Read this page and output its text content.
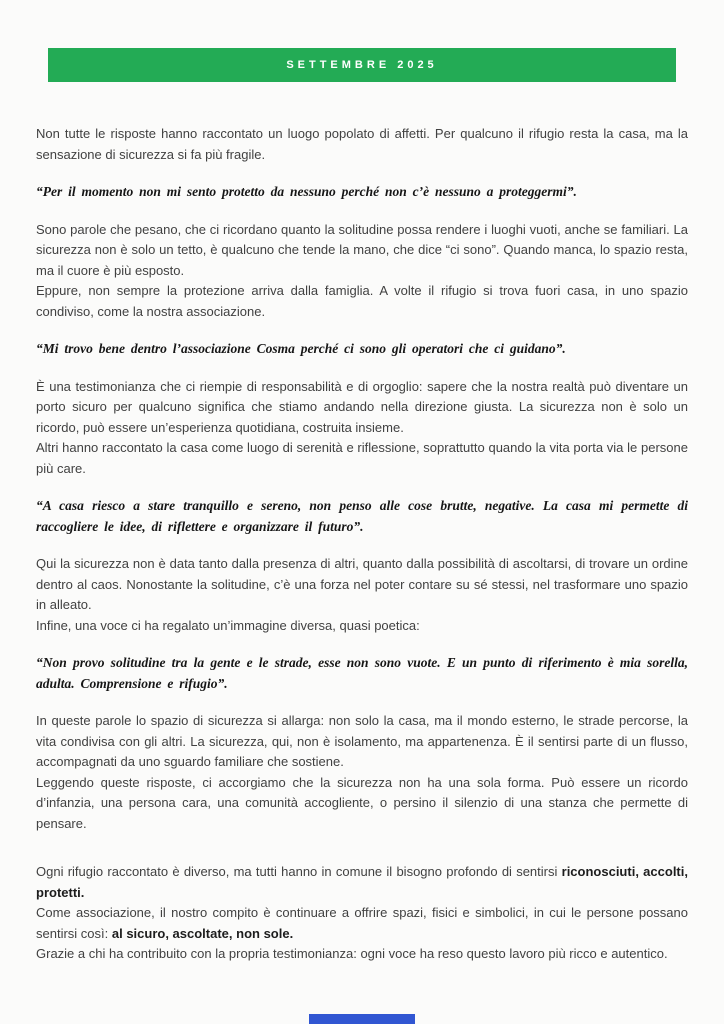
SETTEMBRE 2025

Non tutte le risposte hanno raccontato un luogo popolato di affetti. Per qualcuno il rifugio resta la casa, ma la sensazione di sicurezza si fa più fragile.

“Per il momento non mi sento protetto da nessuno perché non c’è nessuno a proteggermi”.

Sono parole che pesano, che ci ricordano quanto la solitudine possa rendere i luoghi vuoti, anche se familiari. La sicurezza non è solo un tetto, è qualcuno che tende la mano, che dice “ci sono”. Quando manca, lo spazio resta, ma il cuore è più esposto.

Eppure, non sempre la protezione arriva dalla famiglia. A volte il rifugio si trova fuori casa, in uno spazio condiviso, come la nostra associazione.

“Mi trovo bene dentro l’associazione Cosma perché ci sono gli operatori che ci guidano”.

È una testimonianza che ci riempie di responsabilità e di orgoglio: sapere che la nostra realtà può diventare un porto sicuro per qualcuno significa che stiamo andando nella direzione giusta. La sicurezza non è solo un ricordo, può essere un’esperienza quotidiana, costruita insieme.

Altri hanno raccontato la casa come luogo di serenità e riflessione, soprattutto quando la vita porta via le persone più care.

“A casa riesco a stare tranquillo e sereno, non penso alle cose brutte, negative. La casa mi permette di raccogliere le idee, di riflettere e organizzare il futuro”.

Qui la sicurezza non è data tanto dalla presenza di altri, quanto dalla possibilità di ascoltarsi, di trovare un ordine dentro al caos. Nonostante la solitudine, c’è una forza nel poter contare su sé stessi, nel trasformare uno spazio in alleato.

Infine, una voce ci ha regalato un’immagine diversa, quasi poetica:

“Non provo solitudine tra la gente e le strade, esse non sono vuote. E un punto di riferimento è mia sorella, adulta. Comprensione e rifugio”.

In queste parole lo spazio di sicurezza si allarga: non solo la casa, ma il mondo esterno, le strade percorse, la vita condivisa con gli altri. La sicurezza, qui, non è isolamento, ma appartenenza. È il sentirsi parte di un flusso, accompagnati da uno sguardo familiare che sostiene.

Leggendo queste risposte, ci accorgiamo che la sicurezza non ha una sola forma. Può essere un ricordo d’infanzia, una persona cara, una comunità accogliente, o persino il silenzio di una stanza che permette di pensare.

Ogni rifugio raccontato è diverso, ma tutti hanno in comune il bisogno profondo di sentirsi riconosciuti, accolti, protetti.

Come associazione, il nostro compito è continuare a offrire spazi, fisici e simbolici, in cui le persone possano sentirsi così: al sicuro, ascoltate, non sole.

Grazie a chi ha contribuito con la propria testimonianza: ogni voce ha reso questo lavoro più ricco e autentico.
